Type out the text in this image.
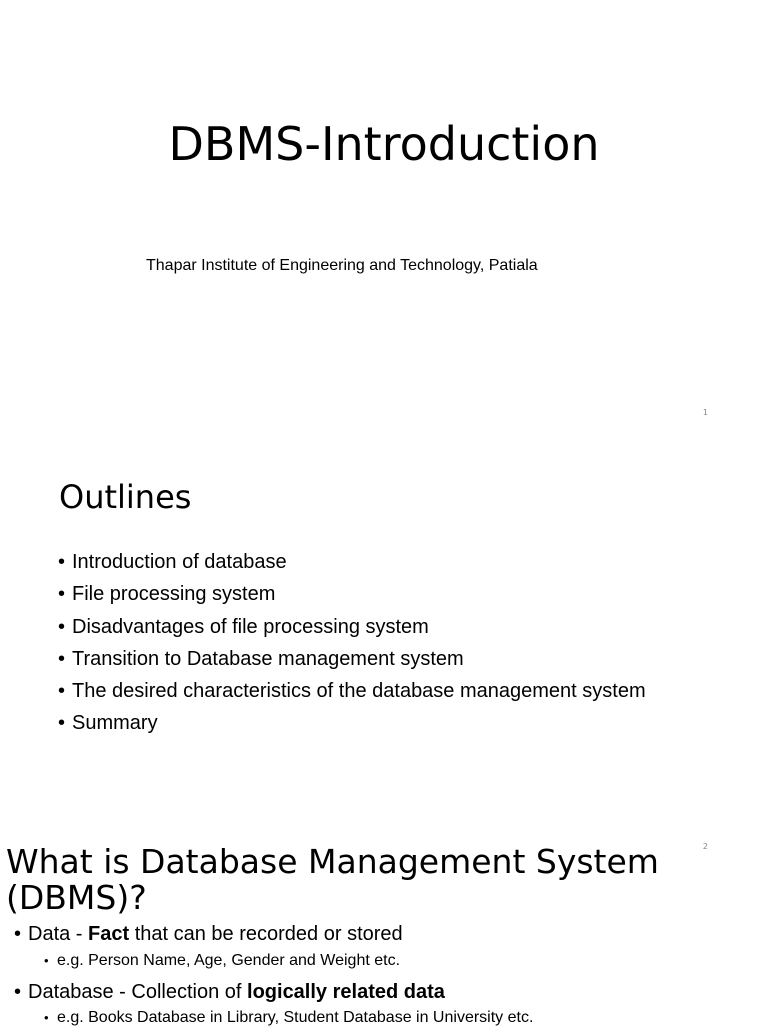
DBMS-Introduction
Thapar Institute of Engineering and Technology, Patiala
1
Outlines
• Introduction of database
• File processing system
• Disadvantages of file processing system
• Transition to Database management system
• The desired characteristics of the database management system
• Summary
2
What is Database Management System (DBMS)?

• Data - Fact that can be recorded or stored

• e.g. Person Name, Age, Gender and Weight etc.

• Database - Collection of logically related data

• e.g. Books Database in Library, Student Database in University etc.
